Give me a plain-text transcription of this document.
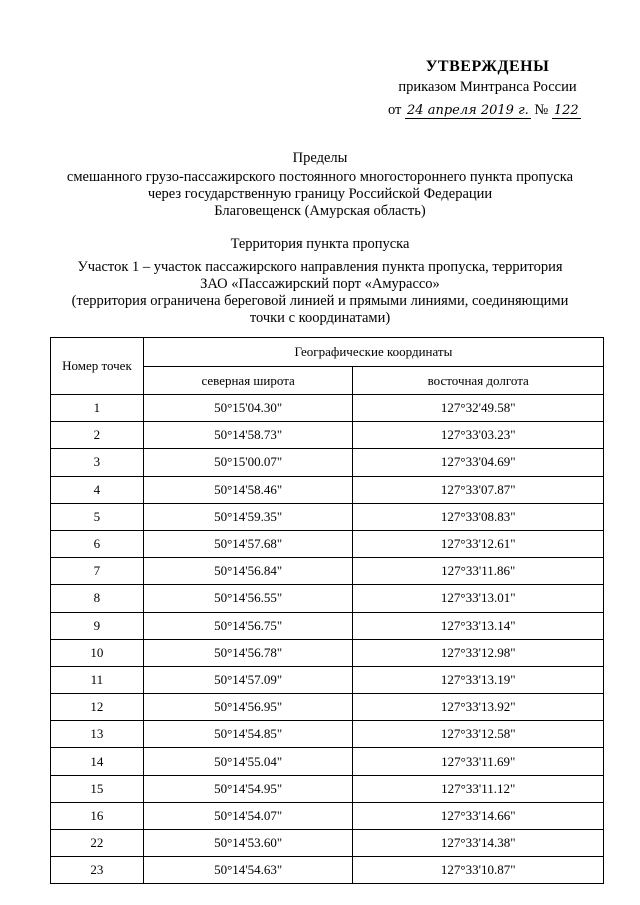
УТВЕРЖДЕНЫ
приказом Минтранса России
от 24 апреля 2019 г. № 122
Пределы
смешанного грузо-пассажирского постоянного многостороннего пункта пропуска
через государственную границу Российской Федерации
Благовещенск (Амурская область)
Территория пункта пропуска
Участок 1 – участок пассажирского направления пункта пропуска, территория
ЗАО «Пассажирский порт «Амурассо»
(территория ограничена береговой линией и прямыми линиями, соединяющими
точки с координатами)
Номер точек	Географические координаты	
	северная широта	восточная долгота
1	50°15'04.30"	127°32'49.58"
2	50°14'58.73"	127°33'03.23"
3	50°15'00.07"	127°33'04.69"
4	50°14'58.46"	127°33'07.87"
5	50°14'59.35"	127°33'08.83"
6	50°14'57.68"	127°33'12.61"
7	50°14'56.84"	127°33'11.86"
8	50°14'56.55"	127°33'13.01"
9	50°14'56.75"	127°33'13.14"
10	50°14'56.78"	127°33'12.98"
11	50°14'57.09"	127°33'13.19"
12	50°14'56.95"	127°33'13.92"
13	50°14'54.85"	127°33'12.58"
14	50°14'55.04"	127°33'11.69"
15	50°14'54.95"	127°33'11.12"
16	50°14'54.07"	127°33'14.66"
22	50°14'53.60"	127°33'14.38"
23	50°14'54.63"	127°33'10.87"
